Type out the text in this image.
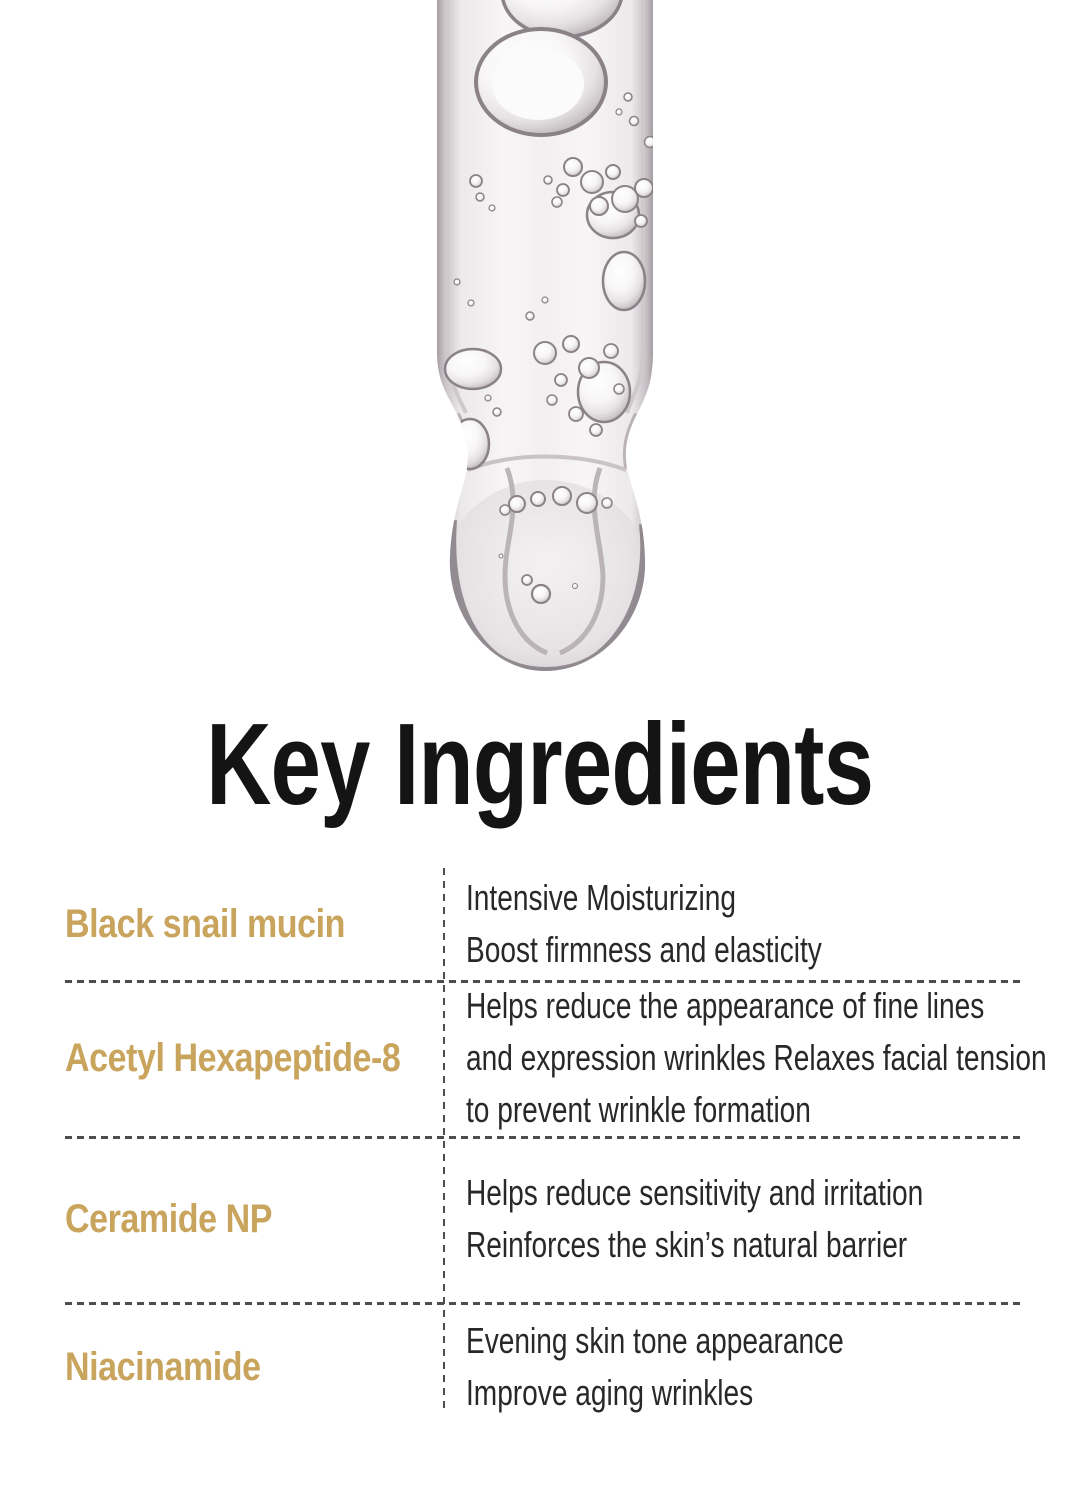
Key Ingredients
Black snail mucin
Intensive Moisturizing
Boost firmness and elasticity
Acetyl Hexapeptide-8
Helps reduce the appearance of fine lines
and expression wrinkles Relaxes facial tension
to prevent wrinkle formation
Ceramide NP
Helps reduce sensitivity and irritation
Reinforces the skin’s natural barrier
Niacinamide
Evening skin tone appearance
Improve aging wrinkles
